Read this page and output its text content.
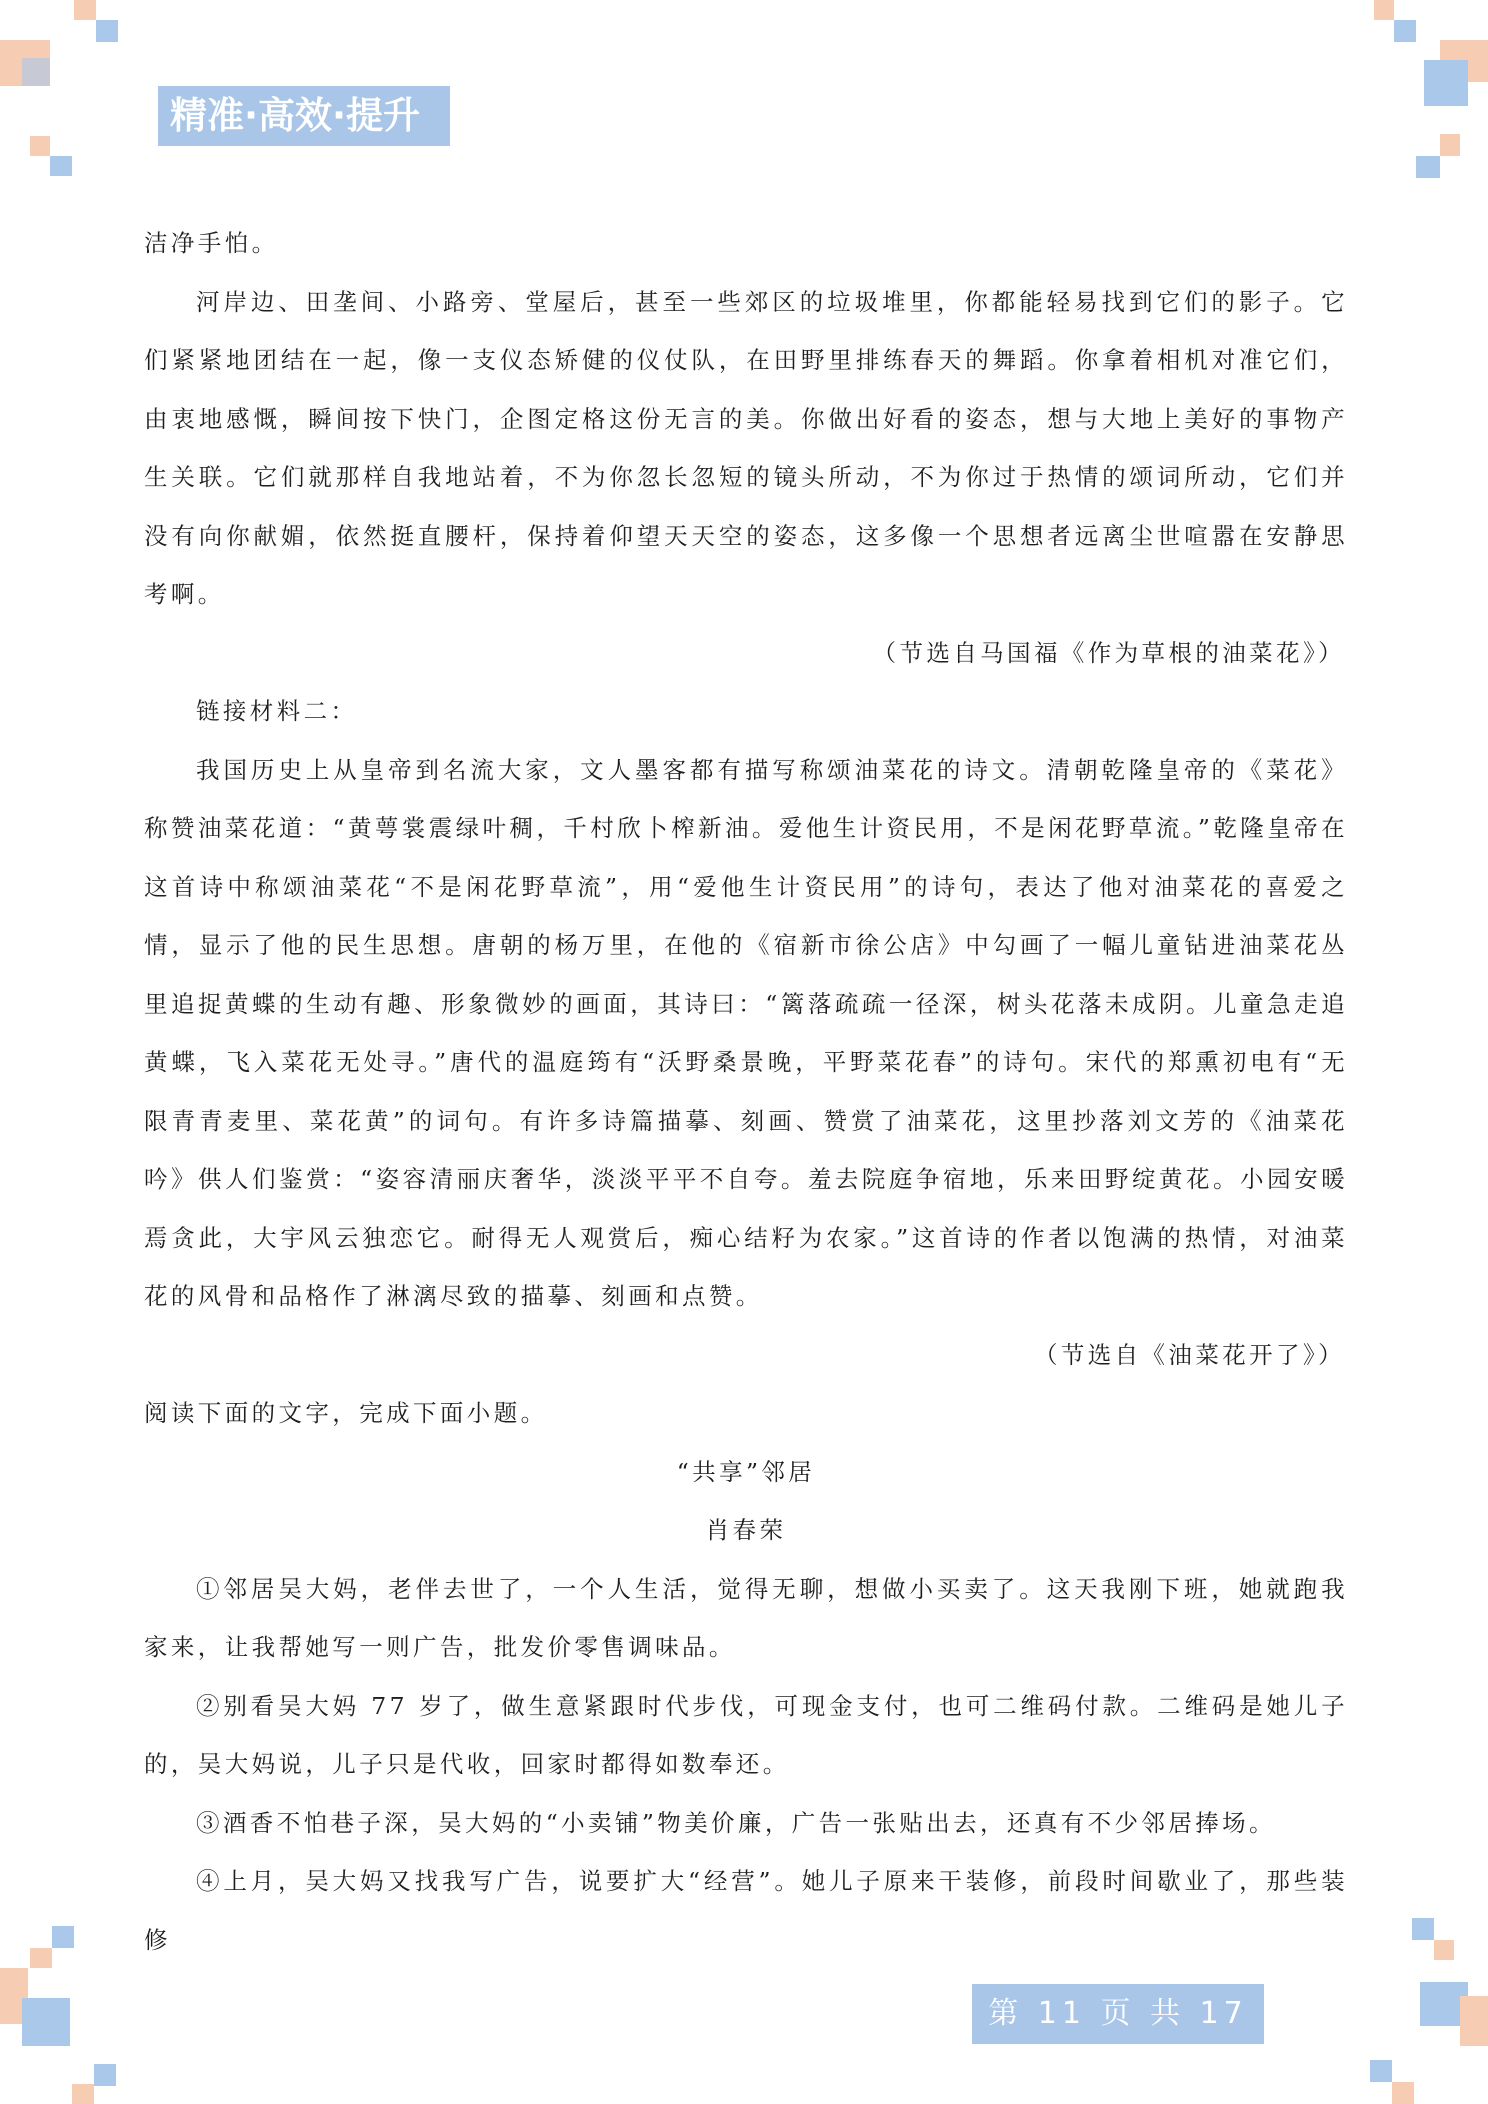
精准·高效·提升

洁净手怕。

河岸边、田垄间、小路旁、堂屋后，甚至一些郊区的垃圾堆里，你都能轻易找到它们的影子。它们紧紧地团结在一起，像一支仪态矫健的仪仗队，在田野里排练春天的舞蹈。你拿着相机对准它们，由衷地感慨，瞬间按下快门，企图定格这份无言的美。你做出好看的姿态，想与大地上美好的事物产生关联。它们就那样自我地站着，不为你忽长忽短的镜头所动，不为你过于热情的颂词所动，它们并没有向你献媚，依然挺直腰杆，保持着仰望天天空的姿态，这多像一个思想者远离尘世喧嚣在安静思考啊。

（节选自马国福《作为草根的油菜花》）

链接材料二：

我国历史上从皇帝到名流大家，文人墨客都有描写称颂油菜花的诗文。清朝乾隆皇帝的《菜花》称赞油菜花道：“黄萼裳震绿叶稠，千村欣卜榨新油。爱他生计资民用，不是闲花野草流。”乾隆皇帝在这首诗中称颂油菜花“不是闲花野草流”，用“爱他生计资民用”的诗句，表达了他对油菜花的喜爱之情，显示了他的民生思想。唐朝的杨万里，在他的《宿新市徐公店》中勾画了一幅儿童钻进油菜花丛里追捉黄蝶的生动有趣、形象微妙的画面，其诗曰：“篱落疏疏一径深，树头花落未成阴。儿童急走追黄蝶，飞入菜花无处寻。”唐代的温庭筠有“沃野桑景晚，平野菜花春”的诗句。宋代的郑熏初电有“无限青青麦里、菜花黄”的词句。有许多诗篇描摹、刻画、赞赏了油菜花，这里抄落刘文芳的《油菜花吟》供人们鉴赏：“姿容清丽庆奢华，淡淡平平不自夸。羞去院庭争宿地，乐来田野绽黄花。小园安暖焉贪此，大宇风云独恋它。耐得无人观赏后，痴心结籽为农家。”这首诗的作者以饱满的热情，对油菜花的风骨和品格作了淋漓尽致的描摹、刻画和点赞。

（节选自《油菜花开了》）

阅读下面的文字，完成下面小题。

“共享”邻居

肖春荣

①邻居吴大妈，老伴去世了，一个人生活，觉得无聊，想做小买卖了。这天我刚下班，她就跑我家来，让我帮她写一则广告，批发价零售调味品。

②别看吴大妈 77 岁了，做生意紧跟时代步伐，可现金支付，也可二维码付款。二维码是她儿子的，吴大妈说，儿子只是代收，回家时都得如数奉还。

③酒香不怕巷子深，吴大妈的“小卖铺”物美价廉，广告一张贴出去，还真有不少邻居捧场。

④上月，吴大妈又找我写广告，说要扩大“经营”。她儿子原来干装修，前段时间歇业了，那些装修

第 11 页 共 17 页
